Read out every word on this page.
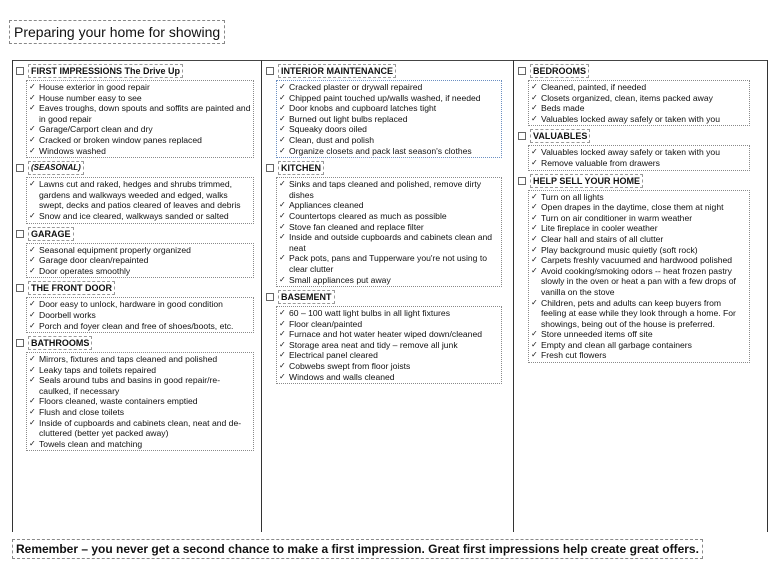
Preparing your home for showing
FIRST IMPRESSIONS The Drive Up
✓ House exterior in good repair
✓ House number easy to see
✓ Eaves troughs, down spouts and soffits are painted and in good repair
✓ Garage/Carport clean and dry
✓ Cracked or broken window panes replaced
✓ Windows washed
(SEASONAL)
✓ Lawns cut and raked, hedges and shrubs trimmed, gardens and walkways weeded and edged, walks swept, decks and patios cleared of leaves and debris
✓ Snow and ice cleared, walkways sanded or salted
GARAGE
✓ Seasonal equipment properly organized
✓ Garage door clean/repainted
✓ Door operates smoothly
THE FRONT DOOR
✓ Door easy to unlock, hardware in good condition
✓ Doorbell works
✓ Porch and foyer clean and free of shoes/boots, etc.
BATHROOMS
✓ Mirrors, fixtures and taps cleaned and polished
✓ Leaky taps and toilets repaired
✓ Seals around tubs and basins in good repair/re-caulked, if necessary
✓ Floors cleaned, waste containers emptied
✓ Flush and close toilets
✓ Inside of cupboards and cabinets clean, neat and de-cluttered (better yet packed away)
✓ Towels clean and matching
INTERIOR MAINTENANCE
✓ Cracked plaster or drywall repaired
✓ Chipped paint touched up/walls washed, if needed
✓ Door knobs and cupboard latches tight
✓ Burned out light bulbs replaced
✓ Squeaky doors oiled
✓ Clean, dust and polish
✓ Organize closets and pack last season's clothes
KITCHEN
✓ Sinks and taps cleaned and polished, remove dirty dishes
✓ Appliances cleaned
✓ Countertops cleared as much as possible
✓ Stove fan cleaned and replace filter
✓ Inside and outside cupboards and cabinets clean and neat
✓ Pack pots, pans and Tupperware you're not using to clear clutter
✓ Small appliances put away
BASEMENT
✓ 60 – 100 watt light bulbs in all light fixtures
✓ Floor clean/painted
✓ Furnace and hot water heater wiped down/cleaned
✓ Storage area neat and tidy – remove all junk
✓ Electrical panel cleared
✓ Cobwebs swept from floor joists
✓ Windows and walls cleaned
BEDROOMS
✓ Cleaned, painted, if needed
✓ Closets organized, clean, items packed away
✓ Beds made
✓ Valuables locked away safely or taken with you
VALUABLES
✓ Valuables locked away safely or taken with you
✓ Remove valuable from drawers
HELP SELL YOUR HOME
✓ Turn on all lights
✓ Open drapes in the daytime, close them at night
✓ Turn on air conditioner in warm weather
✓ Lite fireplace in cooler weather
✓ Clear hall and stairs of all clutter
✓ Play background music quietly (soft rock)
✓ Carpets freshly vacuumed and hardwood polished
✓ Avoid cooking/smoking odors -- heat frozen pastry slowly in the oven or heat a pan with a few drops of vanilla on the stove
✓ Children, pets and adults can keep buyers from feeling at ease while they look through a home. For showings, being out of the house is preferred.
✓ Store unneeded items off site
✓ Empty and clean all garbage containers
✓ Fresh cut flowers
Remember – you never get a second chance to make a first impression. Great first impressions help create great offers.
